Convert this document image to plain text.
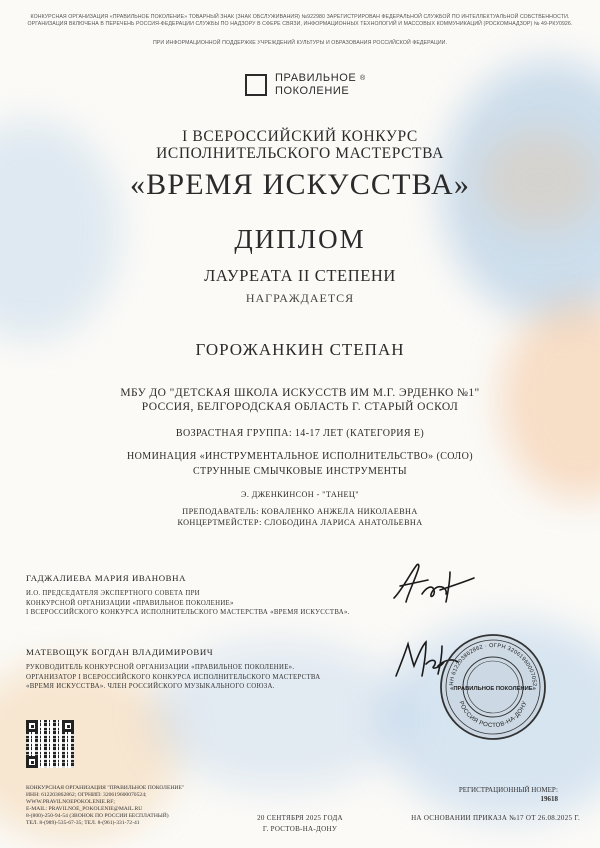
КОНКУРСНАЯ ОРГАНИЗАЦИЯ «ПРАВИЛЬНОЕ ПОКОЛЕНИЕ» ТОВАРНЫЙ ЗНАК (ЗНАК ОБСЛУЖИВАНИЯ) №922980 ЗАРЕГИСТРИРОВАН ФЕДЕРАЛЬНОЙ СЛУЖБОЙ ПО ИНТЕЛЛЕКТУАЛЬНОЙ СОБСТВЕННОСТИ.
ОРГАНИЗАЦИЯ ВКЛЮЧЕНА В ПЕРЕЧЕНЬ РОССИЯ-ФЕДЕРАЦИИ СЛУЖБЫ ПО НАДЗОРУ В СФЕРЕ СВЯЗИ, ИНФОРМАЦИОННЫХ ТЕХНОЛОГИЙ И МАССОВЫХ КОММУНИКАЦИЙ (РОСКОМНАДЗОР) № 49-РКУ0926.
ПРИ ИНФОРМАЦИОННОЙ ПОДДЕРЖКЕ УЧРЕЖДЕНИЙ КУЛЬТУРЫ И ОБРАЗОВАНИЯ РОССИЙСКОЙ ФЕДЕРАЦИИ.
ПРАВИЛЬНОЕ ®
ПОКОЛЕНИЕ
I ВСЕРОССИЙСКИЙ КОНКУРС
ИСПОЛНИТЕЛЬСКОГО МАСТЕРСТВА
«ВРЕМЯ ИСКУССТВА»
ДИПЛОМ
ЛАУРЕАТА II СТЕПЕНИ
НАГРАЖДАЕТСЯ
ГОРОЖАНКИН СТЕПАН
МБУ ДО "ДЕТСКАЯ ШКОЛА ИСКУССТВ ИМ М.Г. ЭРДЕНКО №1"
РОССИЯ, БЕЛГОРОДСКАЯ ОБЛАСТЬ Г. СТАРЫЙ ОСКОЛ
ВОЗРАСТНАЯ ГРУППА: 14-17 ЛЕТ (КАТЕГОРИЯ Е)
НОМИНАЦИЯ «ИНСТРУМЕНТАЛЬНОЕ ИСПОЛНИТЕЛЬСТВО» (СОЛО)
СТРУННЫЕ СМЫЧКОВЫЕ ИНСТРУМЕНТЫ
Э. ДЖЕНКИНСОН - "ТАНЕЦ"
ПРЕПОДАВАТЕЛЬ: КОВАЛЕНКО АНЖЕЛА НИКОЛАЕВНА
КОНЦЕРТМЕЙСТЕР: СЛОБОДИНА ЛАРИСА АНАТОЛЬЕВНА
ГАДЖАЛИЕВА МАРИЯ ИВАНОВНА
И.О. ПРЕДСЕДАТЕЛЯ ЭКСПЕРТНОГО СОВЕТА ПРИ
КОНКУРСНОЙ ОРГАНИЗАЦИИ «ПРАВИЛЬНОЕ ПОКОЛЕНИЕ»
I ВСЕРОССИЙСКОГО КОНКУРСА ИСПОЛНИТЕЛЬСКОГО МАСТЕРСТВА «ВРЕМЯ ИСКУССТВА».
МАТЕВОЩУК БОГДАН ВЛАДИМИРОВИЧ
РУКОВОДИТЕЛЬ КОНКУРСНОЙ ОРГАНИЗАЦИИ «ПРАВИЛЬНОЕ ПОКОЛЕНИЕ».
ОРГАНИЗАТОР I ВСЕРОССИЙСКОГО КОНКУРСА ИСПОЛНИТЕЛЬСКОГО МАСТЕРСТВА
«ВРЕМЯ ИСКУССТВА». ЧЛЕН РОССИЙСКОГО МУЗЫКАЛЬНОГО СОЮЗА.
ИНН 612203862862 · ОГРН 320619600070524
РОССИЯ РОСТОВ-НА-ДОНУ
«ПРАВИЛЬНОЕ ПОКОЛЕНИЕ»
КОНКУРСНАЯ ОРГАНИЗАЦИЯ "ПРАВИЛЬНОЕ ПОКОЛЕНИЕ"
ИНН: 612203862862; ОГРНИП: 320619600070524;
WWW.PRAVILNOEPOKOLENIE.RF;
E-MAIL: PRAVILNOE_POKOLENIE@MAIL.RU
8-(800)-250-94-54 (ЗВОНОК ПО РОССИИ БЕСПЛАТНЫЙ)
ТЕЛ. 8-(989)-535-67-35; ТЕЛ. 8-(961)-331-72-41
20 СЕНТЯБРЯ 2025 ГОДА
Г. РОСТОВ-НА-ДОНУ
РЕГИСТРАЦИОННЫЙ НОМЕР:
19618
НА ОСНОВАНИИ ПРИКАЗА №17 ОТ 26.08.2025 Г.
